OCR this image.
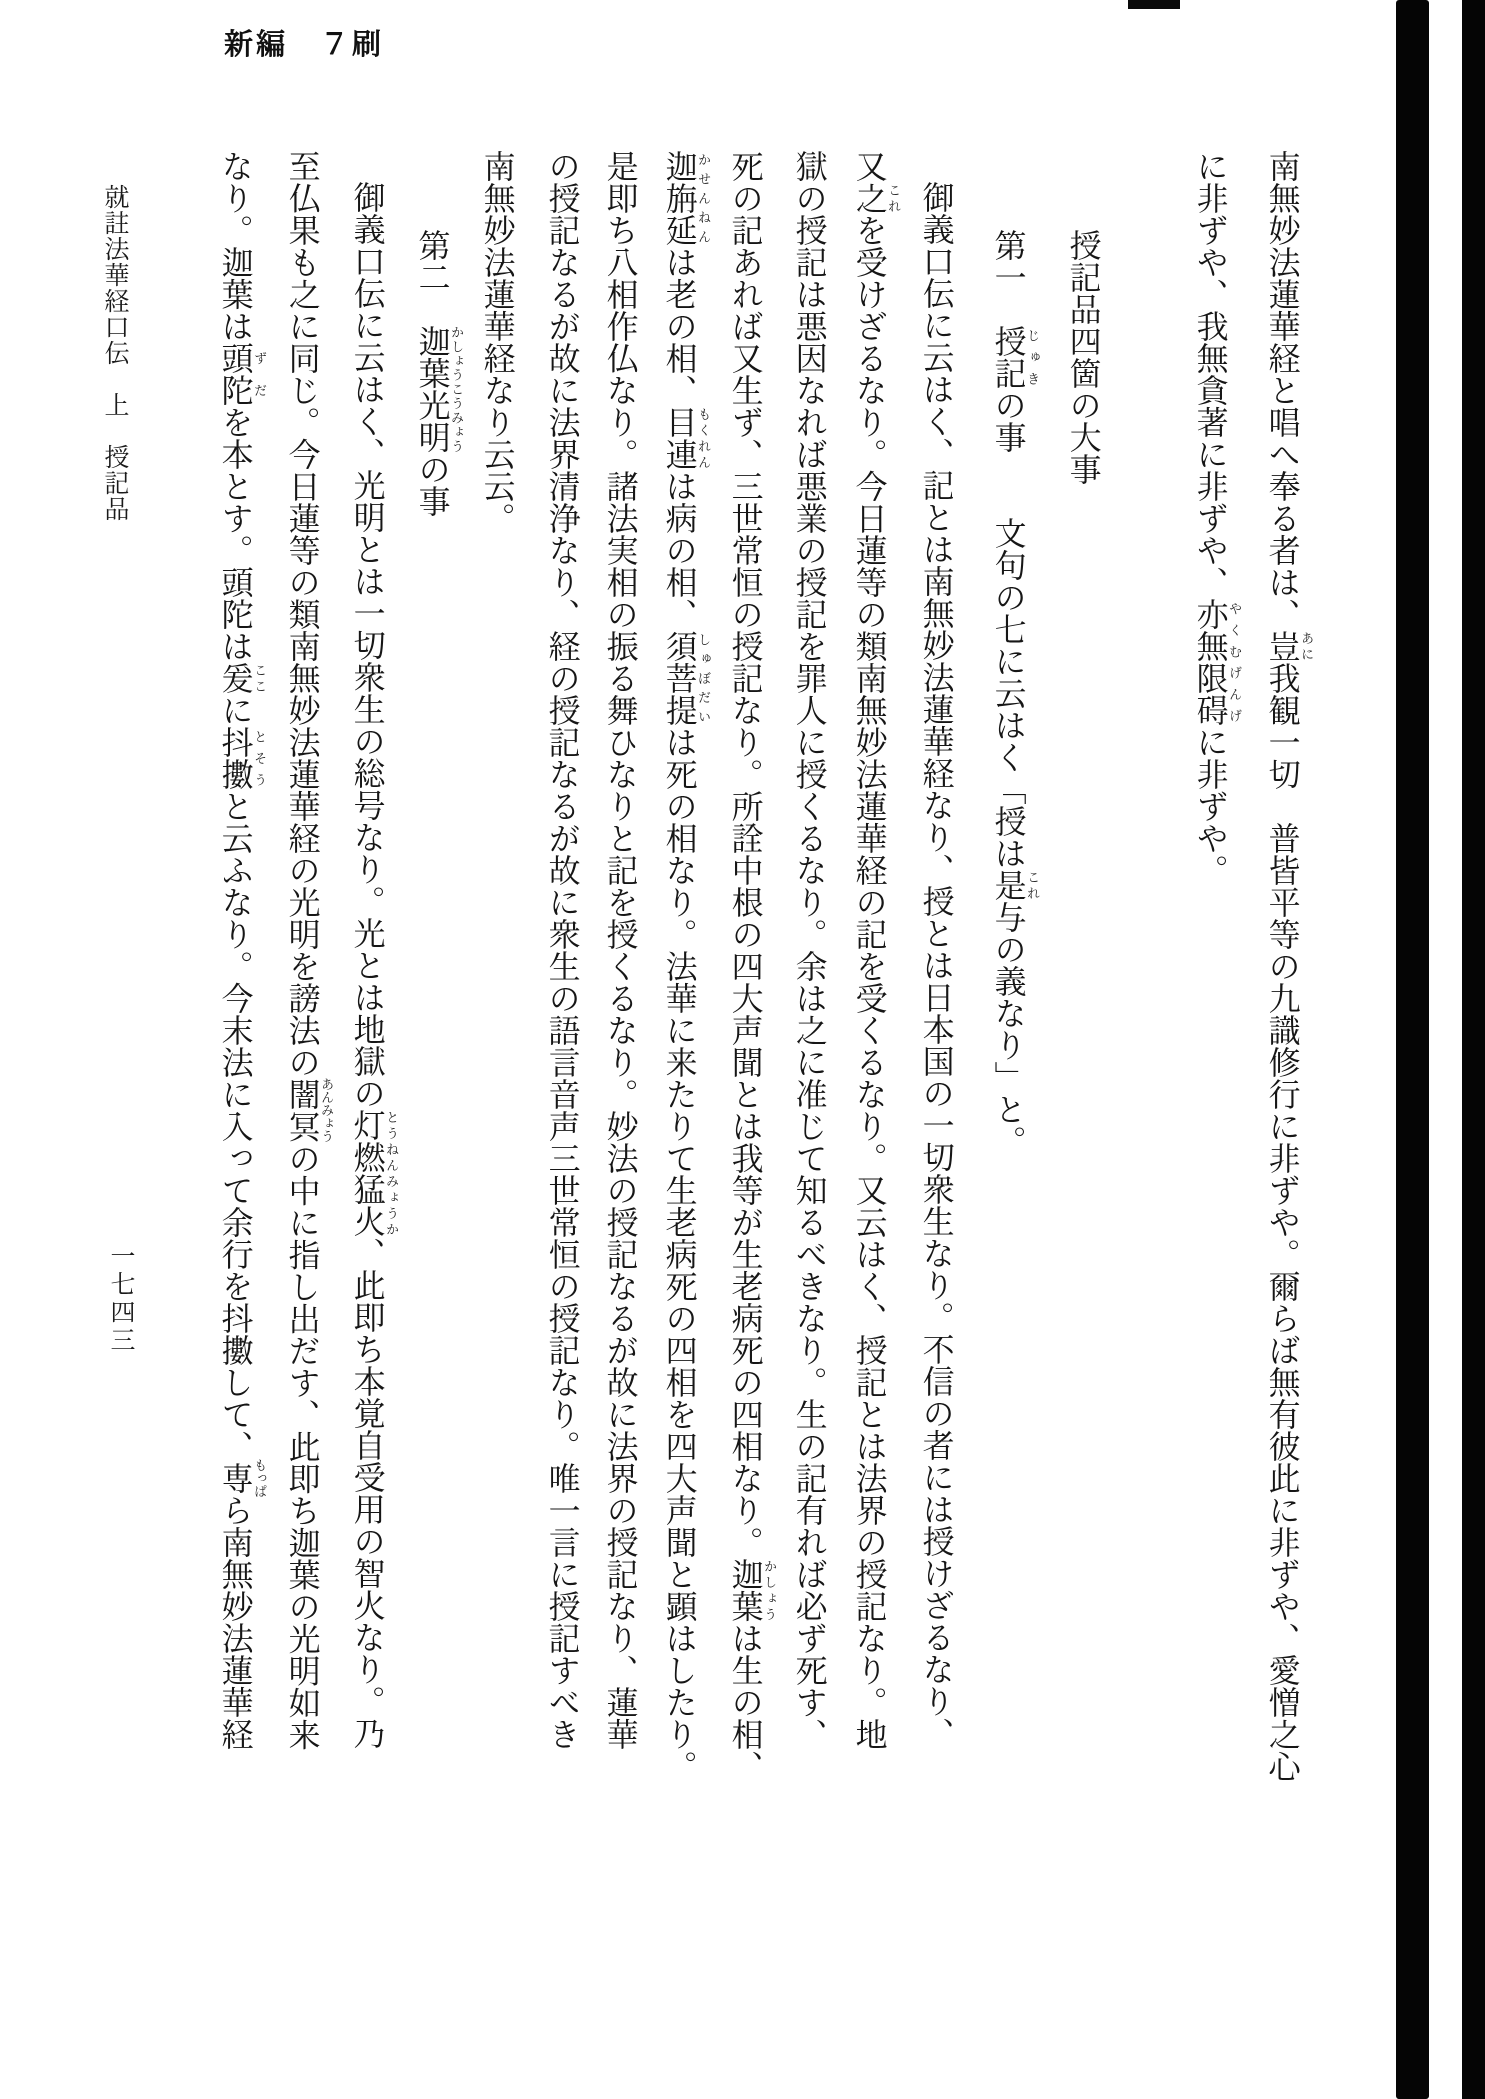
新編　７刷
南無妙法蓮華経と唱へ奉る者は、豈あに我観一切　普皆平等の九識修行に非ずや。爾らば無有彼此に非ずや、愛憎之心
に非ずや、我無貪著に非ずや、亦無限碍やくむげんげに非ずや。
授記品四箇の大事
第一　授記じゅきの事　　文句の七に云はく「授は是これ与の義なり」と。
御義口伝に云はく、記とは南無妙法蓮華経なり、授とは日本国の一切衆生なり。不信の者には授けざるなり、
又之これを受けざるなり。今日蓮等の類南無妙法蓮華経の記を受くるなり。又云はく、授記とは法界の授記なり。地
獄の授記は悪因なれば悪業の授記を罪人に授くるなり。余は之に准じて知るべきなり。生の記有れば必ず死す、
死の記あれば又生ず、三世常恒の授記なり。所詮中根の四大声聞とは我等が生老病死の四相なり。迦葉かしょうは生の相、
迦旃延かせんねんは老の相、目連もくれんは病の相、須菩提しゅぼだいは死の相なり。法華に来たりて生老病死の四相を四大声聞と顕はしたり。
是即ち八相作仏なり。諸法実相の振る舞ひなりと記を授くるなり。妙法の授記なるが故に法界の授記なり、蓮華
の授記なるが故に法界清浄なり、経の授記なるが故に衆生の語言音声三世常恒の授記なり。唯一言に授記すべき
南無妙法蓮華経なり云云。
第二　迦葉光明かしょうこうみょうの事
御義口伝に云はく、光明とは一切衆生の総号なり。光とは地獄の灯燃猛火とうねんみょうか、此即ち本覚自受用の智火なり。乃
至仏果も之に同じ。今日蓮等の類南無妙法蓮華経の光明を謗法の闇冥あんみょうの中に指し出だす、此即ち迦葉の光明如来
なり。迦葉は頭陀ずだを本とす。頭陀は爰ここに抖擻とそうと云ふなり。今末法に入って余行を抖擻して、専もっぱら南無妙法蓮華経
就註法華経口伝　上　授記品
一七四三
